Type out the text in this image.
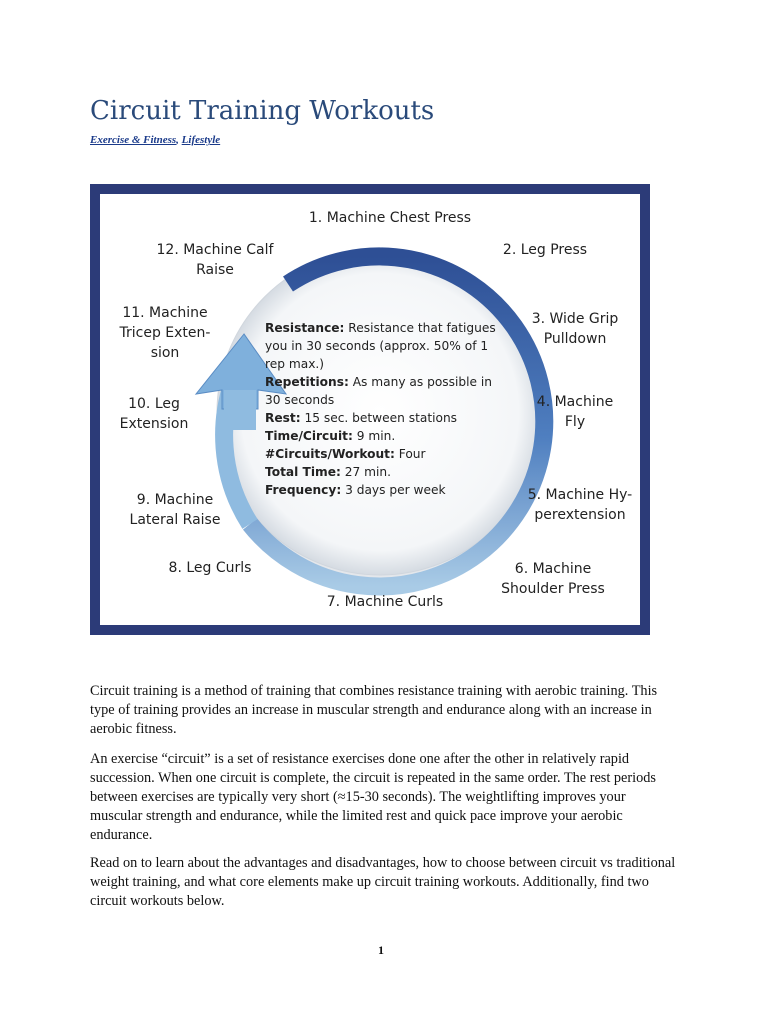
Circuit Training Workouts
Exercise & Fitness, Lifestyle
1. Machine Chest Press
2. Leg Press
3. Wide Grip
Pulldown
4. Machine
Fly
5. Machine Hy-
perextension
6. Machine
Shoulder Press
7. Machine Curls
8. Leg Curls
9. Machine
Lateral Raise
10. Leg
Extension
11. Machine
Tricep Exten-
sion
12. Machine Calf
Raise
Resistance: Resistance that fatigues you in 30 seconds (approx. 50% of 1 rep max.)
Repetitions: As many as possible in 30 seconds
Rest: 15 sec. between stations
Time/Circuit: 9 min.
#Circuits/Workout: Four
Total Time: 27 min.
Frequency: 3 days per week

Circuit training is a method of training that combines resistance training with aerobic training. This type of training provides an increase in muscular strength and endurance along with an increase in aerobic fitness.

An exercise “circuit” is a set of resistance exercises done one after the other in relatively rapid succession. When one circuit is complete, the circuit is repeated in the same order. The rest periods between exercises are typically very short (≈15-30 seconds). The weightlifting improves your muscular strength and endurance, while the limited rest and quick pace improve your aerobic endurance.

Read on to learn about the advantages and disadvantages, how to choose between circuit vs traditional weight training, and what core elements make up circuit training workouts. Additionally, find two circuit workouts below.

1
